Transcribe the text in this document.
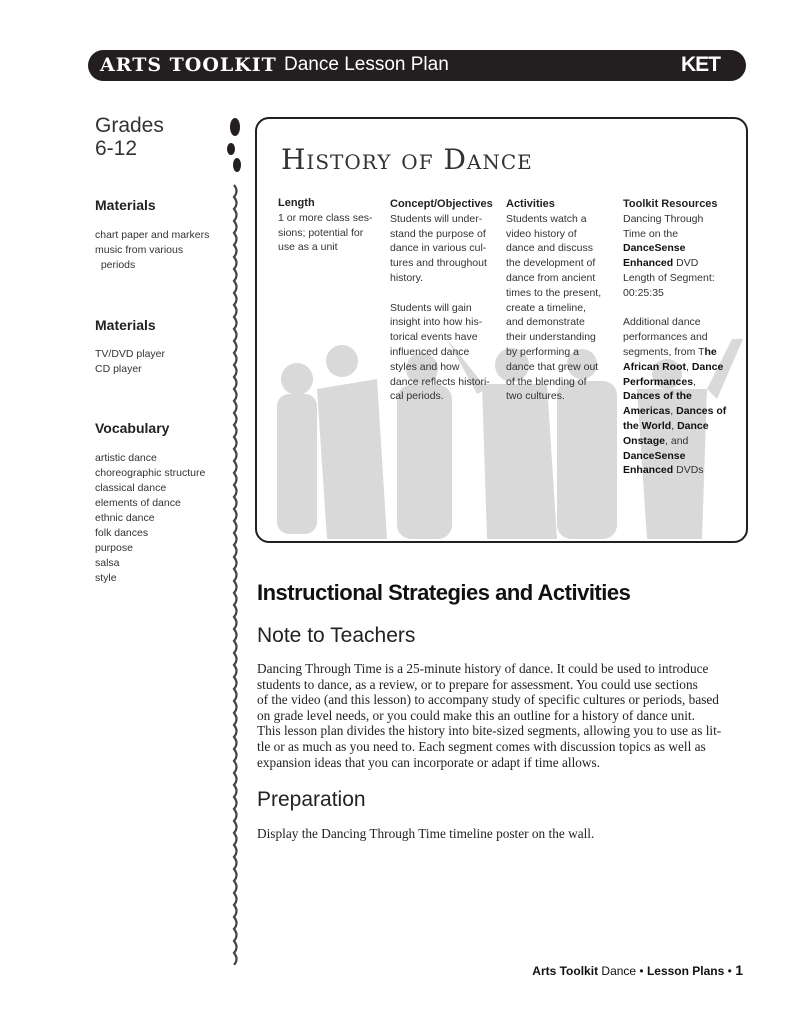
ARTS TOOLKIT Dance Lesson Plan	KET
Grades
6-12
Materials
chart paper and markers
music from various
periods
Materials
TV/DVD player
CD player
Vocabulary
artistic dance
choreographic structure
classical dance
elements of dance
ethnic dance
folk dances
purpose
salsa
style
History of Dance
Length
1 or more class ses-
sions; potential for
use as a unit
Concept/Objectives
Students will under-
stand the purpose of
dance in various cul-
tures and throughout
history.

Students will gain
insight into how his-
torical events have
influenced dance
styles and how
dance reflects histori-
cal periods.
Activities
Students watch a
video history of
dance and discuss
the development of
dance from ancient
times to the present,
create a timeline,
and demonstrate
their understanding
by performing a
dance that grew out
of the blending of
two cultures.
Toolkit Resources
Dancing Through
Time on the
DanceSense
Enhanced DVD
Length of Segment:
00:25:35

Additional dance
performances and
segments, from The
African Root, Dance
Performances,
Dances of the
Americas, Dances of
the World, Dance
Onstage, and
DanceSense
Enhanced DVDs
Instructional Strategies and Activities
Note to Teachers
Dancing Through Time is a 25-minute history of dance. It could be used to introduce
students to dance, as a review, or to prepare for assessment. You could use sections
of the video (and this lesson) to accompany study of specific cultures or periods, based
on grade level needs, or you could make this an outline for a history of dance unit.
This lesson plan divides the history into bite-sized segments, allowing you to use as lit-
tle or as much as you need to. Each segment comes with discussion topics as well as
expansion ideas that you can incorporate or adapt if time allows.
Preparation
Display the Dancing Through Time timeline poster on the wall.
Arts Toolkit Dance • Lesson Plans • 1
